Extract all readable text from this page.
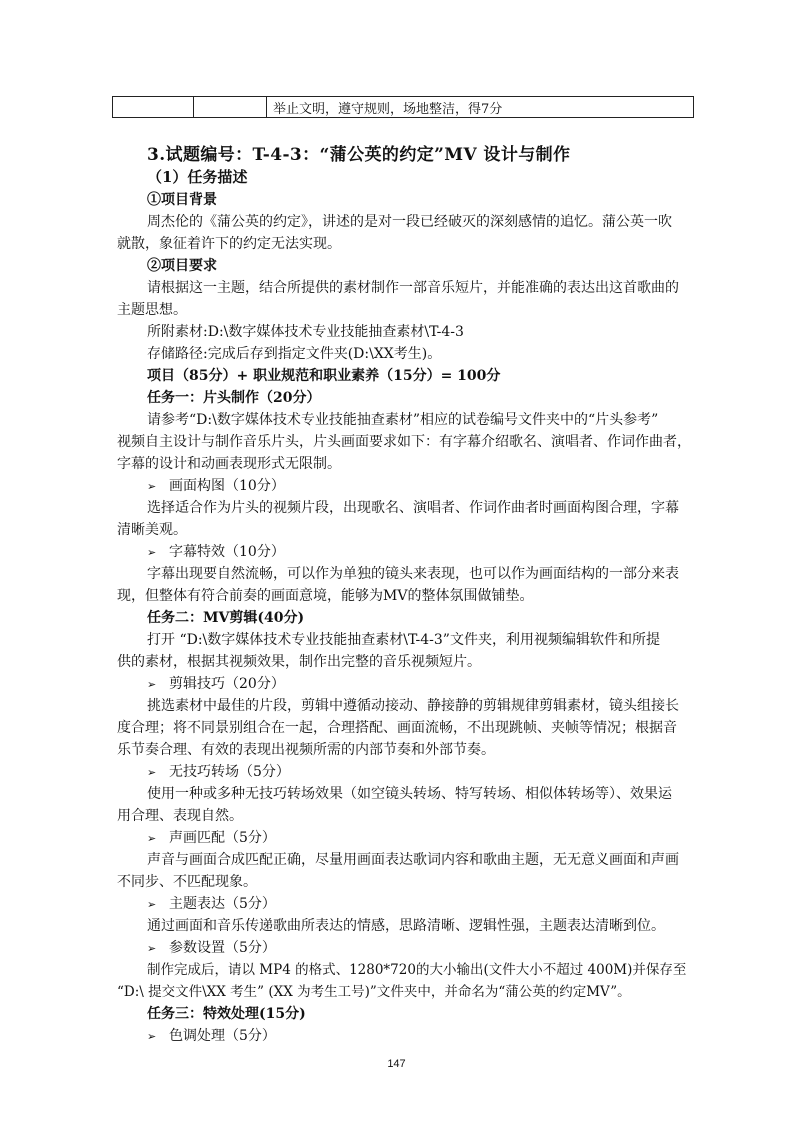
		举止文明，遵守规则，场地整洁，得7分
3.试题编号：T-4-3：“蒲公英的约定”MV 设计与制作
（1）任务描述
①项目背景
周杰伦的《蒲公英的约定》，讲述的是对一段已经破灭的深刻感情的追忆。蒲公英一吹
就散，象征着许下的约定无法实现。
②项目要求
请根据这一主题，结合所提供的素材制作一部音乐短片，并能准确的表达出这首歌曲的
主题思想。
所附素材:D:\数字媒体技术专业技能抽查素材\T-4-3
存储路径:完成后存到指定文件夹(D:\XX考生)。
项目（85分）+ 职业规范和职业素养（15分）= 100分
任务一：片头制作（20分）
请参考“D:\数字媒体技术专业技能抽查素材”相应的试卷编号文件夹中的“片头参考”
视频自主设计与制作音乐片头，片头画面要求如下：有字幕介绍歌名、演唱者、作词作曲者，
字幕的设计和动画表现形式无限制。
➢ 画面构图（10分）
选择适合作为片头的视频片段，出现歌名、演唱者、作词作曲者时画面构图合理，字幕
清晰美观。
➢ 字幕特效（10分）
字幕出现要自然流畅，可以作为单独的镜头来表现，也可以作为画面结构的一部分来表
现，但整体有符合前奏的画面意境，能够为MV的整体氛围做铺垫。
任务二：MV剪辑(40分)
打开 “D:\数字媒体技术专业技能抽查素材\T-4-3”文件夹，利用视频编辑软件和所提
供的素材，根据其视频效果，制作出完整的音乐视频短片。
➢ 剪辑技巧（20分）
挑选素材中最佳的片段，剪辑中遵循动接动、静接静的剪辑规律剪辑素材，镜头组接长
度合理；将不同景别组合在一起，合理搭配、画面流畅，不出现跳帧、夹帧等情况；根据音
乐节奏合理、有效的表现出视频所需的内部节奏和外部节奏。
➢ 无技巧转场（5分）
使用一种或多种无技巧转场效果（如空镜头转场、特写转场、相似体转场等）、效果运
用合理、表现自然。
➢ 声画匹配（5分）
声音与画面合成匹配正确，尽量用画面表达歌词内容和歌曲主题，无无意义画面和声画
不同步、不匹配现象。
➢ 主题表达（5分）
通过画面和音乐传递歌曲所表达的情感，思路清晰、逻辑性强，主题表达清晰到位。
➢ 参数设置（5分）
制作完成后，请以 MP4 的格式、1280*720的大小输出(文件大小不超过 400M)并保存至
“D:\ 提交文件\XX 考生” (XX 为考生工号)”文件夹中，并命名为“蒲公英的约定MV”。
任务三：特效处理(15分)
➢ 色调处理（5分）
147
